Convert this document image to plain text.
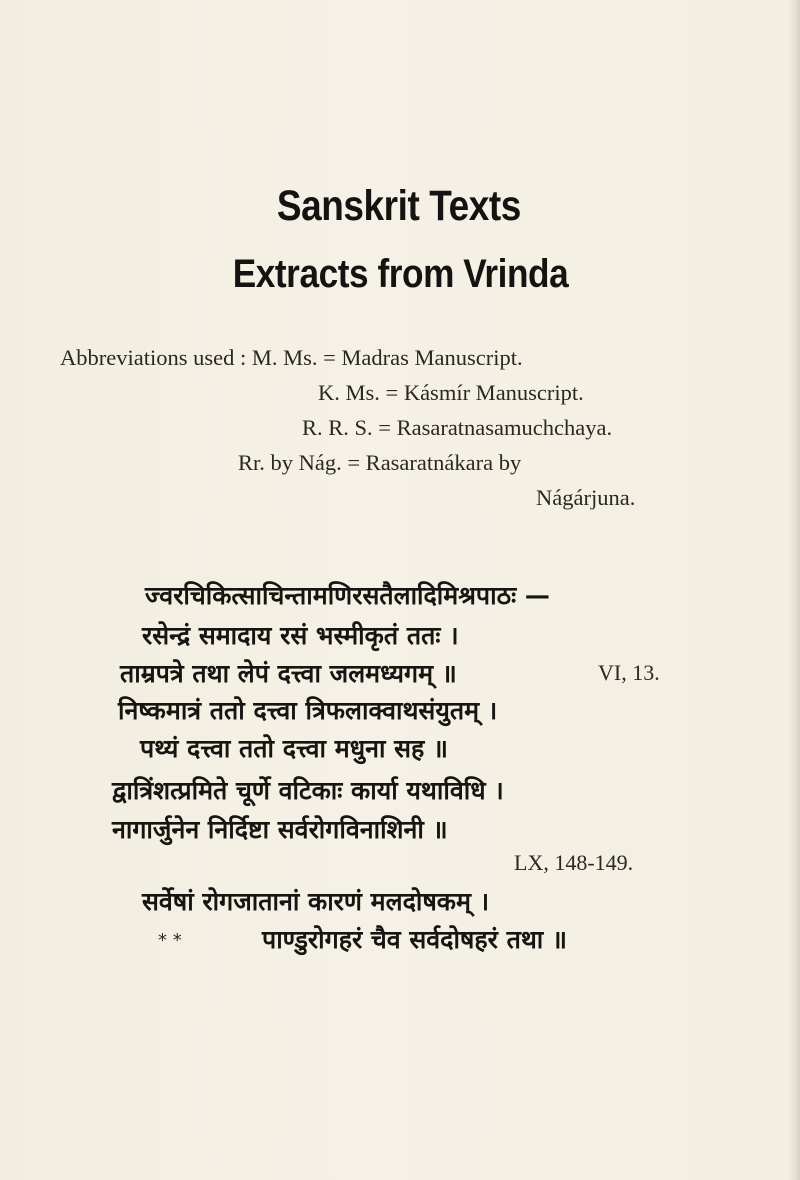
Sanskrit Texts
Extracts from Vrinda
Abbreviations used : M. Ms. = Madras Manuscript.
K. Ms. = Kásmír Manuscript.
R. R. S. = Rasaratnasamuchchaya.
Rr. by Nág. = Rasaratnákara by
Nágárjuna.
ज्वरचिकित्साचिन्तामणिरसतैलादिमिश्रपाठः —
रसेन्द्रं समादाय रसं भस्मीकृतं ततः ।
ताम्रपत्रे तथा लेपं दत्त्वा जलमध्यगम् ॥	VI, 13.
निष्कमात्रं ततो दत्त्वा त्रिफलाक्वाथसंयुतम् ।
पथ्यं दत्त्वा ततो दत्त्वा मधुना सह ॥
द्वात्रिंशत्प्रमिते चूर्णे वटिकाः कार्या यथाविधि ।
नागार्जुनेन निर्दिष्टा सर्वरोगविनाशिनी ॥
LX, 148-149.
सर्वेषां रोगजातानां कारणं मलदोषकम् ।
* *	पाण्डुरोगहरं चैव सर्वदोषहरं तथा ॥
